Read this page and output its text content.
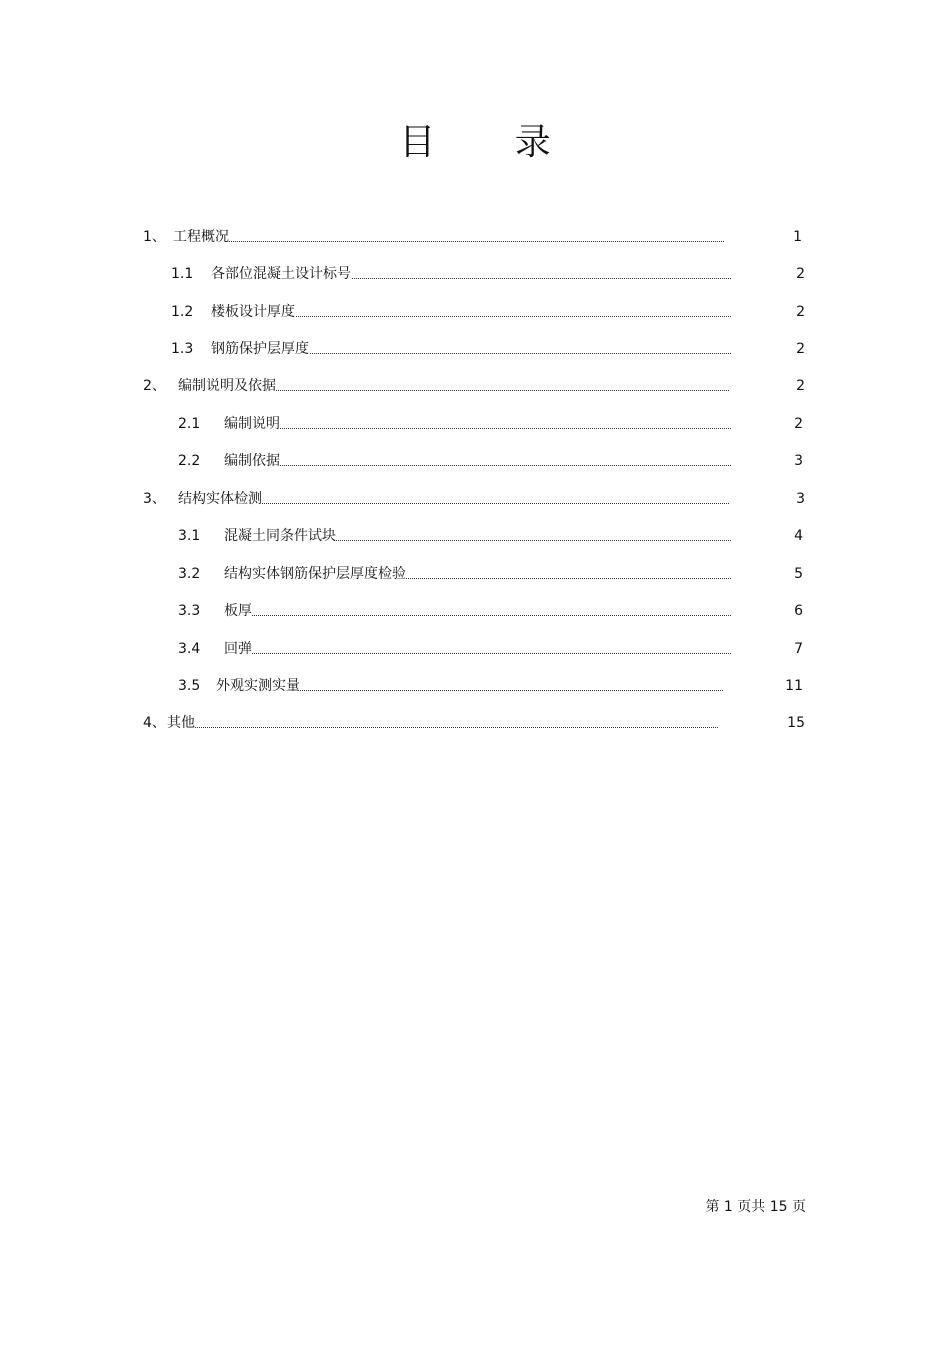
目 录
1、 工程概况	1
1.1 各部位混凝土设计标号	2
1.2 楼板设计厚度	2
1.3 钢筋保护层厚度	2
2、 编制说明及依据	2
2.1 编制说明	2
2.2 编制依据	3
3、 结构实体检测	3
3.1 混凝土同条件试块	4
3.2 结构实体钢筋保护层厚度检验	5
3.3 板厚	6
3.4 回弹	7
3.5 外观实测实量	11
4、 其他	15
第 1 页共 15 页
